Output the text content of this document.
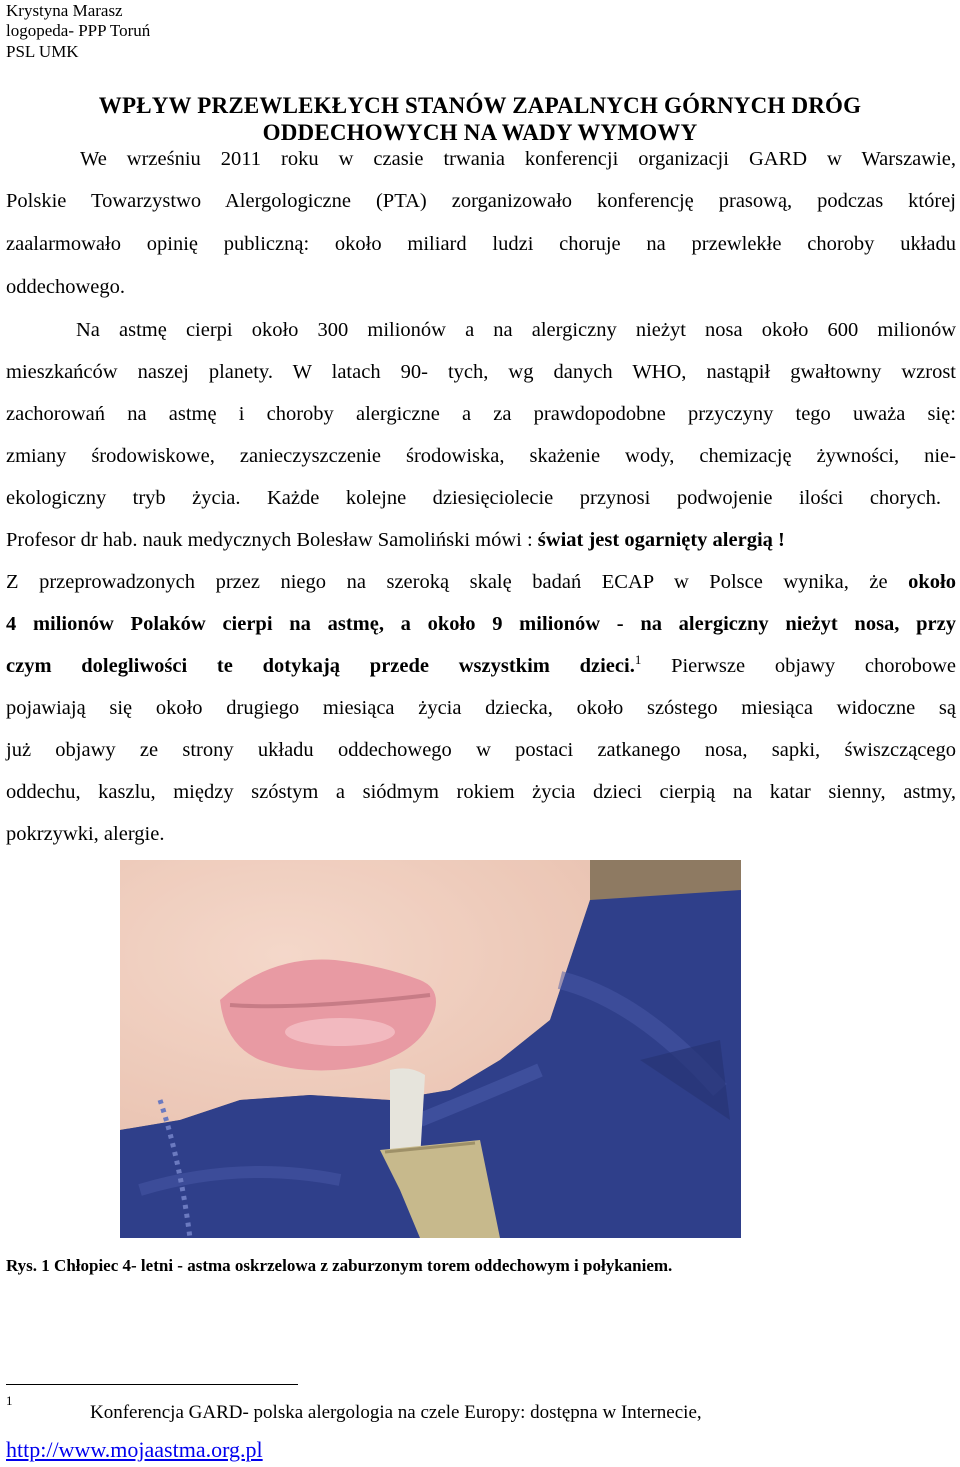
Krystyna Marasz
logopeda- PPP Toruń
PSL UMK
WPŁYW PRZEWLEKŁYCH STANÓW ZAPALNYCH GÓRNYCH DRÓG
ODDECHOWYCH NA WADY WYMOWY
We wrześniu 2011 roku w czasie trwania konferencji organizacji GARD w Warszawie,
Polskie Towarzystwo Alergologiczne (PTA) zorganizowało konferencję prasową, podczas której
zaalarmowało opinię publiczną: około miliard ludzi choruje na przewlekłe choroby układu
oddechowego.
Na astmę cierpi około 300 milionów a na alergiczny nieżyt nosa około 600 milionów
mieszkańców naszej planety. W latach 90- tych, wg danych WHO, nastąpił gwałtowny wzrost
zachorowań na astmę i choroby alergiczne a za prawdopodobne przyczyny tego uważa się:
zmiany środowiskowe, zanieczyszczenie środowiska, skażenie wody, chemizację żywności, nie-
ekologiczny tryb życia. Każde kolejne dziesięciolecie przynosi podwojenie ilości chorych.
Profesor dr hab. nauk medycznych Bolesław Samoliński mówi : świat jest ogarnięty alergią !
Z przeprowadzonych przez niego na szeroką skalę badań ECAP w Polsce wynika, że około
4 milionów Polaków cierpi na astmę, a około 9 milionów - na alergiczny nieżyt nosa, przy
czym dolegliwości te dotykają przede wszystkim dzieci.$^1$ Pierwsze objawy chorobowe
pojawiają się około drugiego miesiąca życia dziecka, około szóstego miesiąca widoczne są
już objawy ze strony układu oddechowego w postaci zatkanego nosa, sapki, świszczącego
oddechu, kaszlu, między szóstym a siódmym rokiem życia dzieci cierpią na katar sienny, astmy,
pokrzywki, alergie.
Rys. 1 Chłopiec 4- letni - astma oskrzelowa z zaburzonym torem oddechowym i połykaniem.
1
Konferencja GARD- polska alergologia na czele Europy: dostępna w Internecie,
http://www.mojaastma.org.pl
